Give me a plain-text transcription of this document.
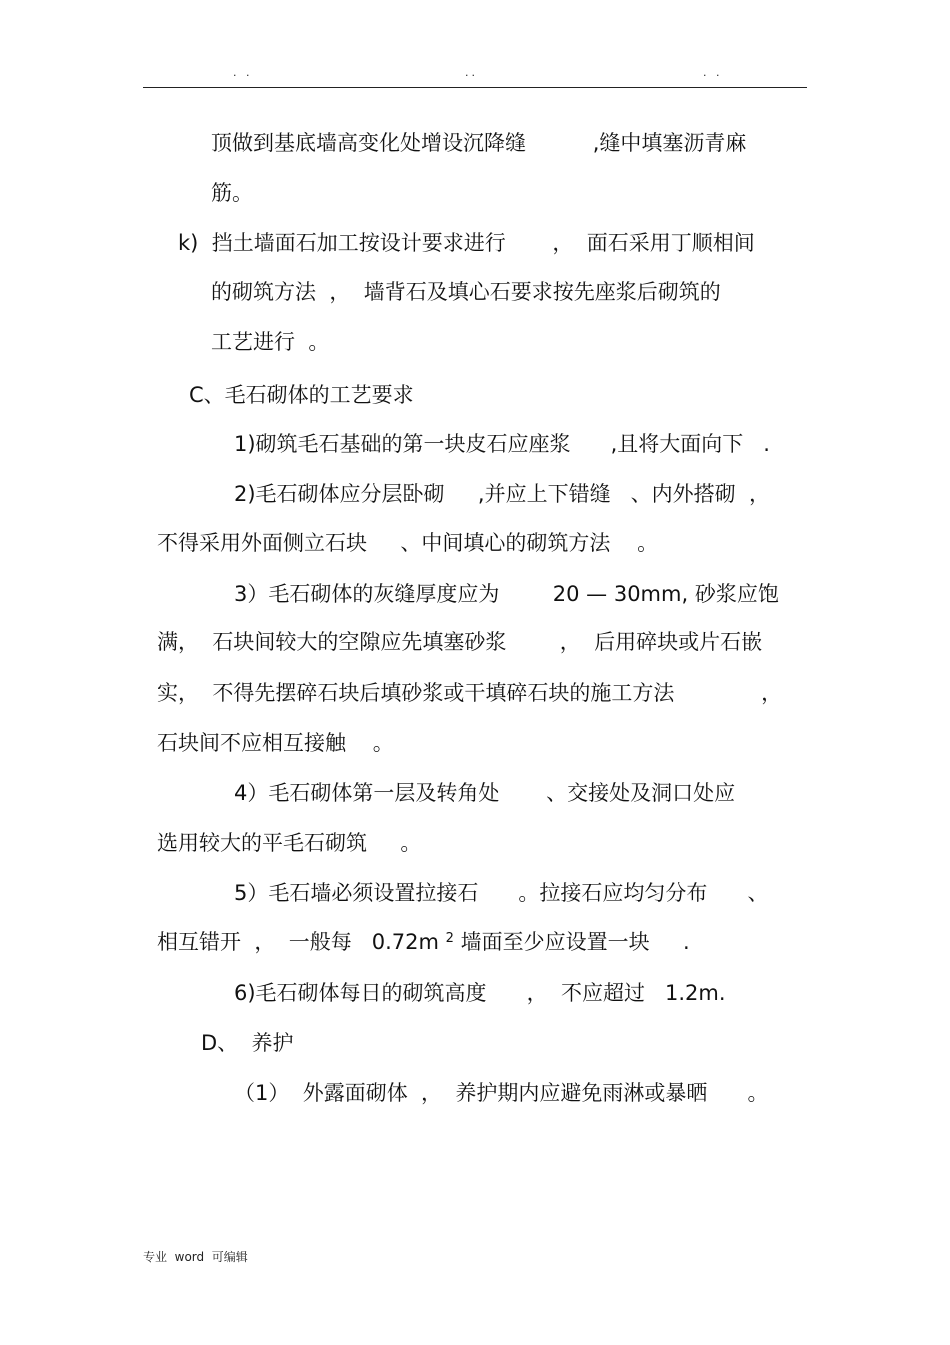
. .	..	. .
顶做到基底墙高变化处增设沉降缝          ,缝中填塞沥青麻
筋。
k)  挡土墙面石加工按设计要求进行       ，  面石采用丁顺相间
的砌筑方法  ，  墙背石及填心石要求按先座浆后砌筑的
工艺进行  。
C、毛石砌体的工艺要求
1)砌筑毛石基础的第一块皮石应座浆      ,且将大面向下   .
2)毛石砌体应分层卧砌     ,并应上下错缝   、内外搭砌  ，
不得采用外面侧立石块     、中间填心的砌筑方法    。
3）毛石砌体的灰缝厚度应为        20 — 30mm, 砂浆应饱
满，  石块间较大的空隙应先填塞砂浆        ，  后用碎块或片石嵌
实，  不得先摆碎石块后填砂浆或干填碎石块的施工方法             ，
石块间不应相互接触    。
4）毛石砌体第一层及转角处       、交接处及洞口处应
选用较大的平毛石砌筑     。
5）毛石墙必须设置拉接石      。拉接石应均匀分布      、
相互错开  ，  一般每   0.72m $^2$ 墙面至少应设置一块     .
6)毛石砌体每日的砌筑高度      ，  不应超过   1.2m.
D、  养护
（1）  外露面砌体  ，  养护期内应避免雨淋或暴晒      。
专业  word  可编辑
